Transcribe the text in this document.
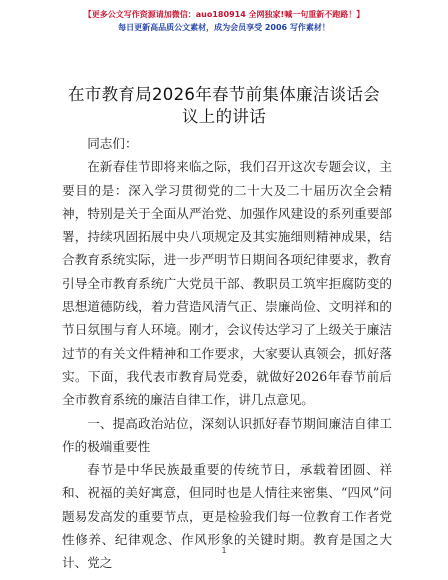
【更多公文写作资源请加微信：auo180914 全网独家!喊一句重新不跑路！】
每日更新高品质公文素材，成为会员享受 2006 写作素材！
在市教育局2026年春节前集体廉洁谈话会议上的讲话

同志们：

在新春佳节即将来临之际，我们召开这次专题会议，主要目的是：深入学习贯彻党的二十大及二十届历次全会精神，特别是关于全面从严治党、加强作风建设的系列重要部署，持续巩固拓展中央八项规定及其实施细则精神成果，结合教育系统实际，进一步严明节日期间各项纪律要求，教育引导全市教育系统广大党员干部、教职员工筑牢拒腐防变的思想道德防线，着力营造风清气正、崇廉尚俭、文明祥和的节日氛围与育人环境。刚才，会议传达学习了上级关于廉洁过节的有关文件精神和工作要求，大家要认真领会，抓好落实。下面，我代表市教育局党委，就做好2026年春节前后全市教育系统的廉洁自律工作，讲几点意见。

一、提高政治站位，深刻认识抓好春节期间廉洁自律工作的极端重要性

春节是中华民族最重要的传统节日，承载着团圆、祥和、祝福的美好寓意，但同时也是人情往来密集、“四风”问题易发高发的重要节点，更是检验我们每一位教育工作者党性修养、纪律观念、作风形象的关键时期。教育是国之大计、党之

1
